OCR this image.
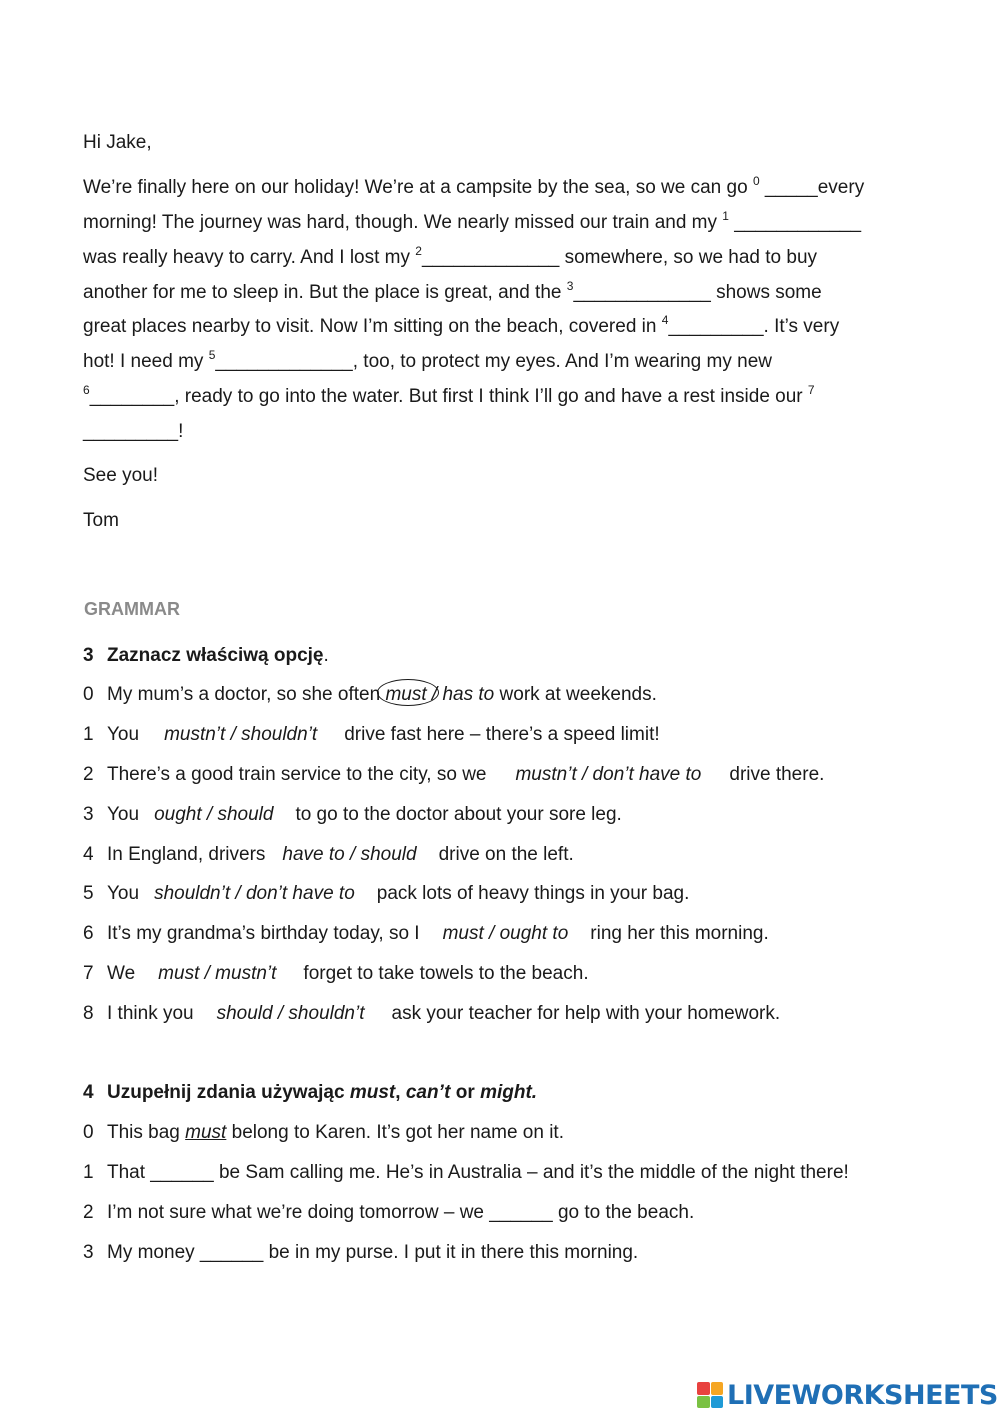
Hi Jake,
We’re finally here on our holiday! We’re at a campsite by the sea, so we can go $^0$ _____every
morning! The journey was hard, though. We nearly missed our train and my $^1$ ____________
was really heavy to carry. And I lost my $^2$_____________ somewhere, so we had to buy
another for me to sleep in. But the place is great, and the $^3$_____________ shows some
great places nearby to visit. Now I’m sitting on the beach, covered in $^4$_________. It’s very
hot! I need my $^5$_____________, too, to protect my eyes. And I’m wearing my new
$^6$________, ready to go into the water. But first I think I’ll go and have a rest inside our $^7$
_________!
See you!
Tom
GRAMMAR
3 Zaznacz właściwą opcję.
0 My mum’s a doctor, so she often
must / has to work at weekends.
1 You mustn’t / shouldn’t drive fast here – there’s a speed limit!
2 There’s a good train service to the city, so we mustn’t / don’t have to drive there.
3 You ought / should to go to the doctor about your sore leg.
4 In England, drivers have to / should drive on the left.
5 You shouldn’t / don’t have to pack lots of heavy things in your bag.
6 It’s my grandma’s birthday today, so I must / ought to ring her this morning.
7 We must / mustn’t forget to take towels to the beach.
8 I think you should / shouldn’t ask your teacher for help with your homework.
4 Uzupełnij zdania używając must, can’t or might.
0 This bag must belong to Karen. It’s got her name on it.
1 That ______ be Sam calling me. He’s in Australia – and it’s the middle of the night there!
2 I’m not sure what we’re doing tomorrow – we ______ go to the beach.
3 My money ______ be in my purse. I put it in there this morning.
LIVEWORKSHEETS
